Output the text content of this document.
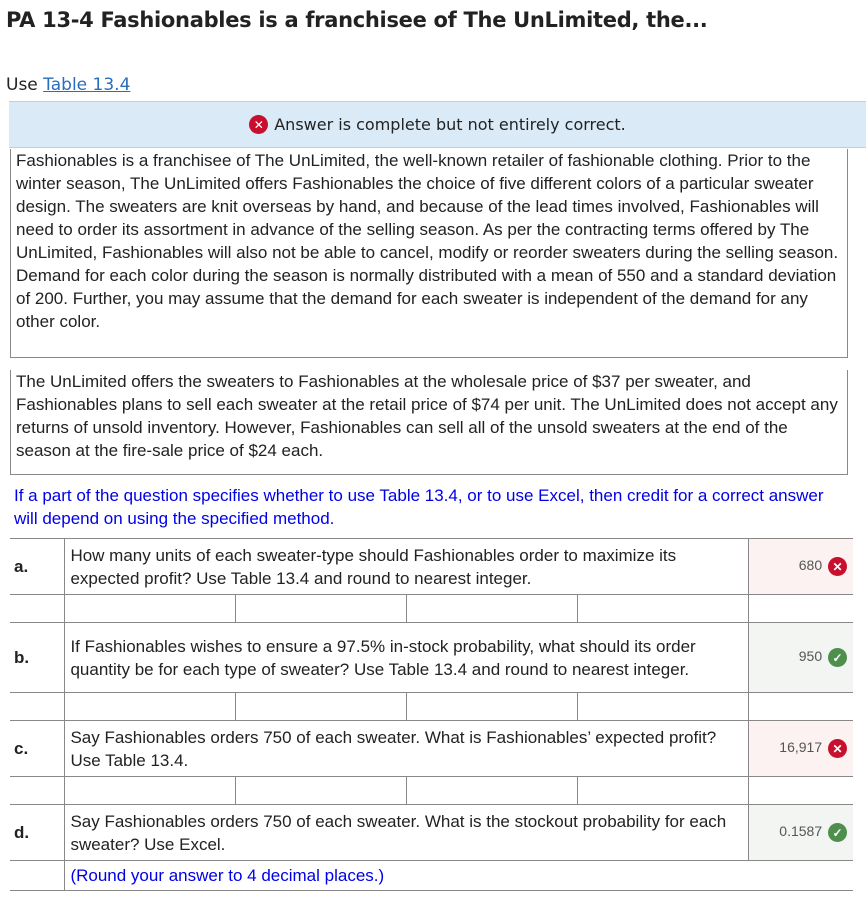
PA 13-4 Fashionables is a franchisee of The UnLimited, the...
Use Table 13.4
✕ Answer is complete but not entirely correct.
Fashionables is a franchisee of The UnLimited, the well-known retailer of fashionable clothing. Prior to the winter season, The UnLimited offers Fashionables the choice of five different colors of a particular sweater design. The sweaters are knit overseas by hand, and because of the lead times involved, Fashionables will need to order its assortment in advance of the selling season. As per the contracting terms offered by The UnLimited, Fashionables will also not be able to cancel, modify or reorder sweaters during the selling season. Demand for each color during the season is normally distributed with a mean of 550 and a standard deviation of 200. Further, you may assume that the demand for each sweater is independent of the demand for any other color.
The UnLimited offers the sweaters to Fashionables at the wholesale price of $37 per sweater, and Fashionables plans to sell each sweater at the retail price of $74 per unit. The UnLimited does not accept any returns of unsold inventory. However, Fashionables can sell all of the unsold sweaters at the end of the season at the fire-sale price of $24 each.
If a part of the question specifies whether to use Table 13.4, or to use Excel, then credit for a correct answer will depend on using the specified method.
a.	How many units of each sweater-type should Fashionables order to maximize its expected profit? Use Table 13.4 and round to nearest integer.				680 ✕

b.	If Fashionables wishes to ensure a 97.5% in-stock probability, what should its order quantity be for each type of sweater? Use Table 13.4 and round to nearest integer.				950 ✓

c.	Say Fashionables orders 750 of each sweater. What is Fashionables’ expected profit? Use Table 13.4.				16,917 ✕

d.	Say Fashionables orders 750 of each sweater. What is the stockout probability for each sweater? Use Excel.				0.1587 ✓
	(Round your answer to 4 decimal places.)				
